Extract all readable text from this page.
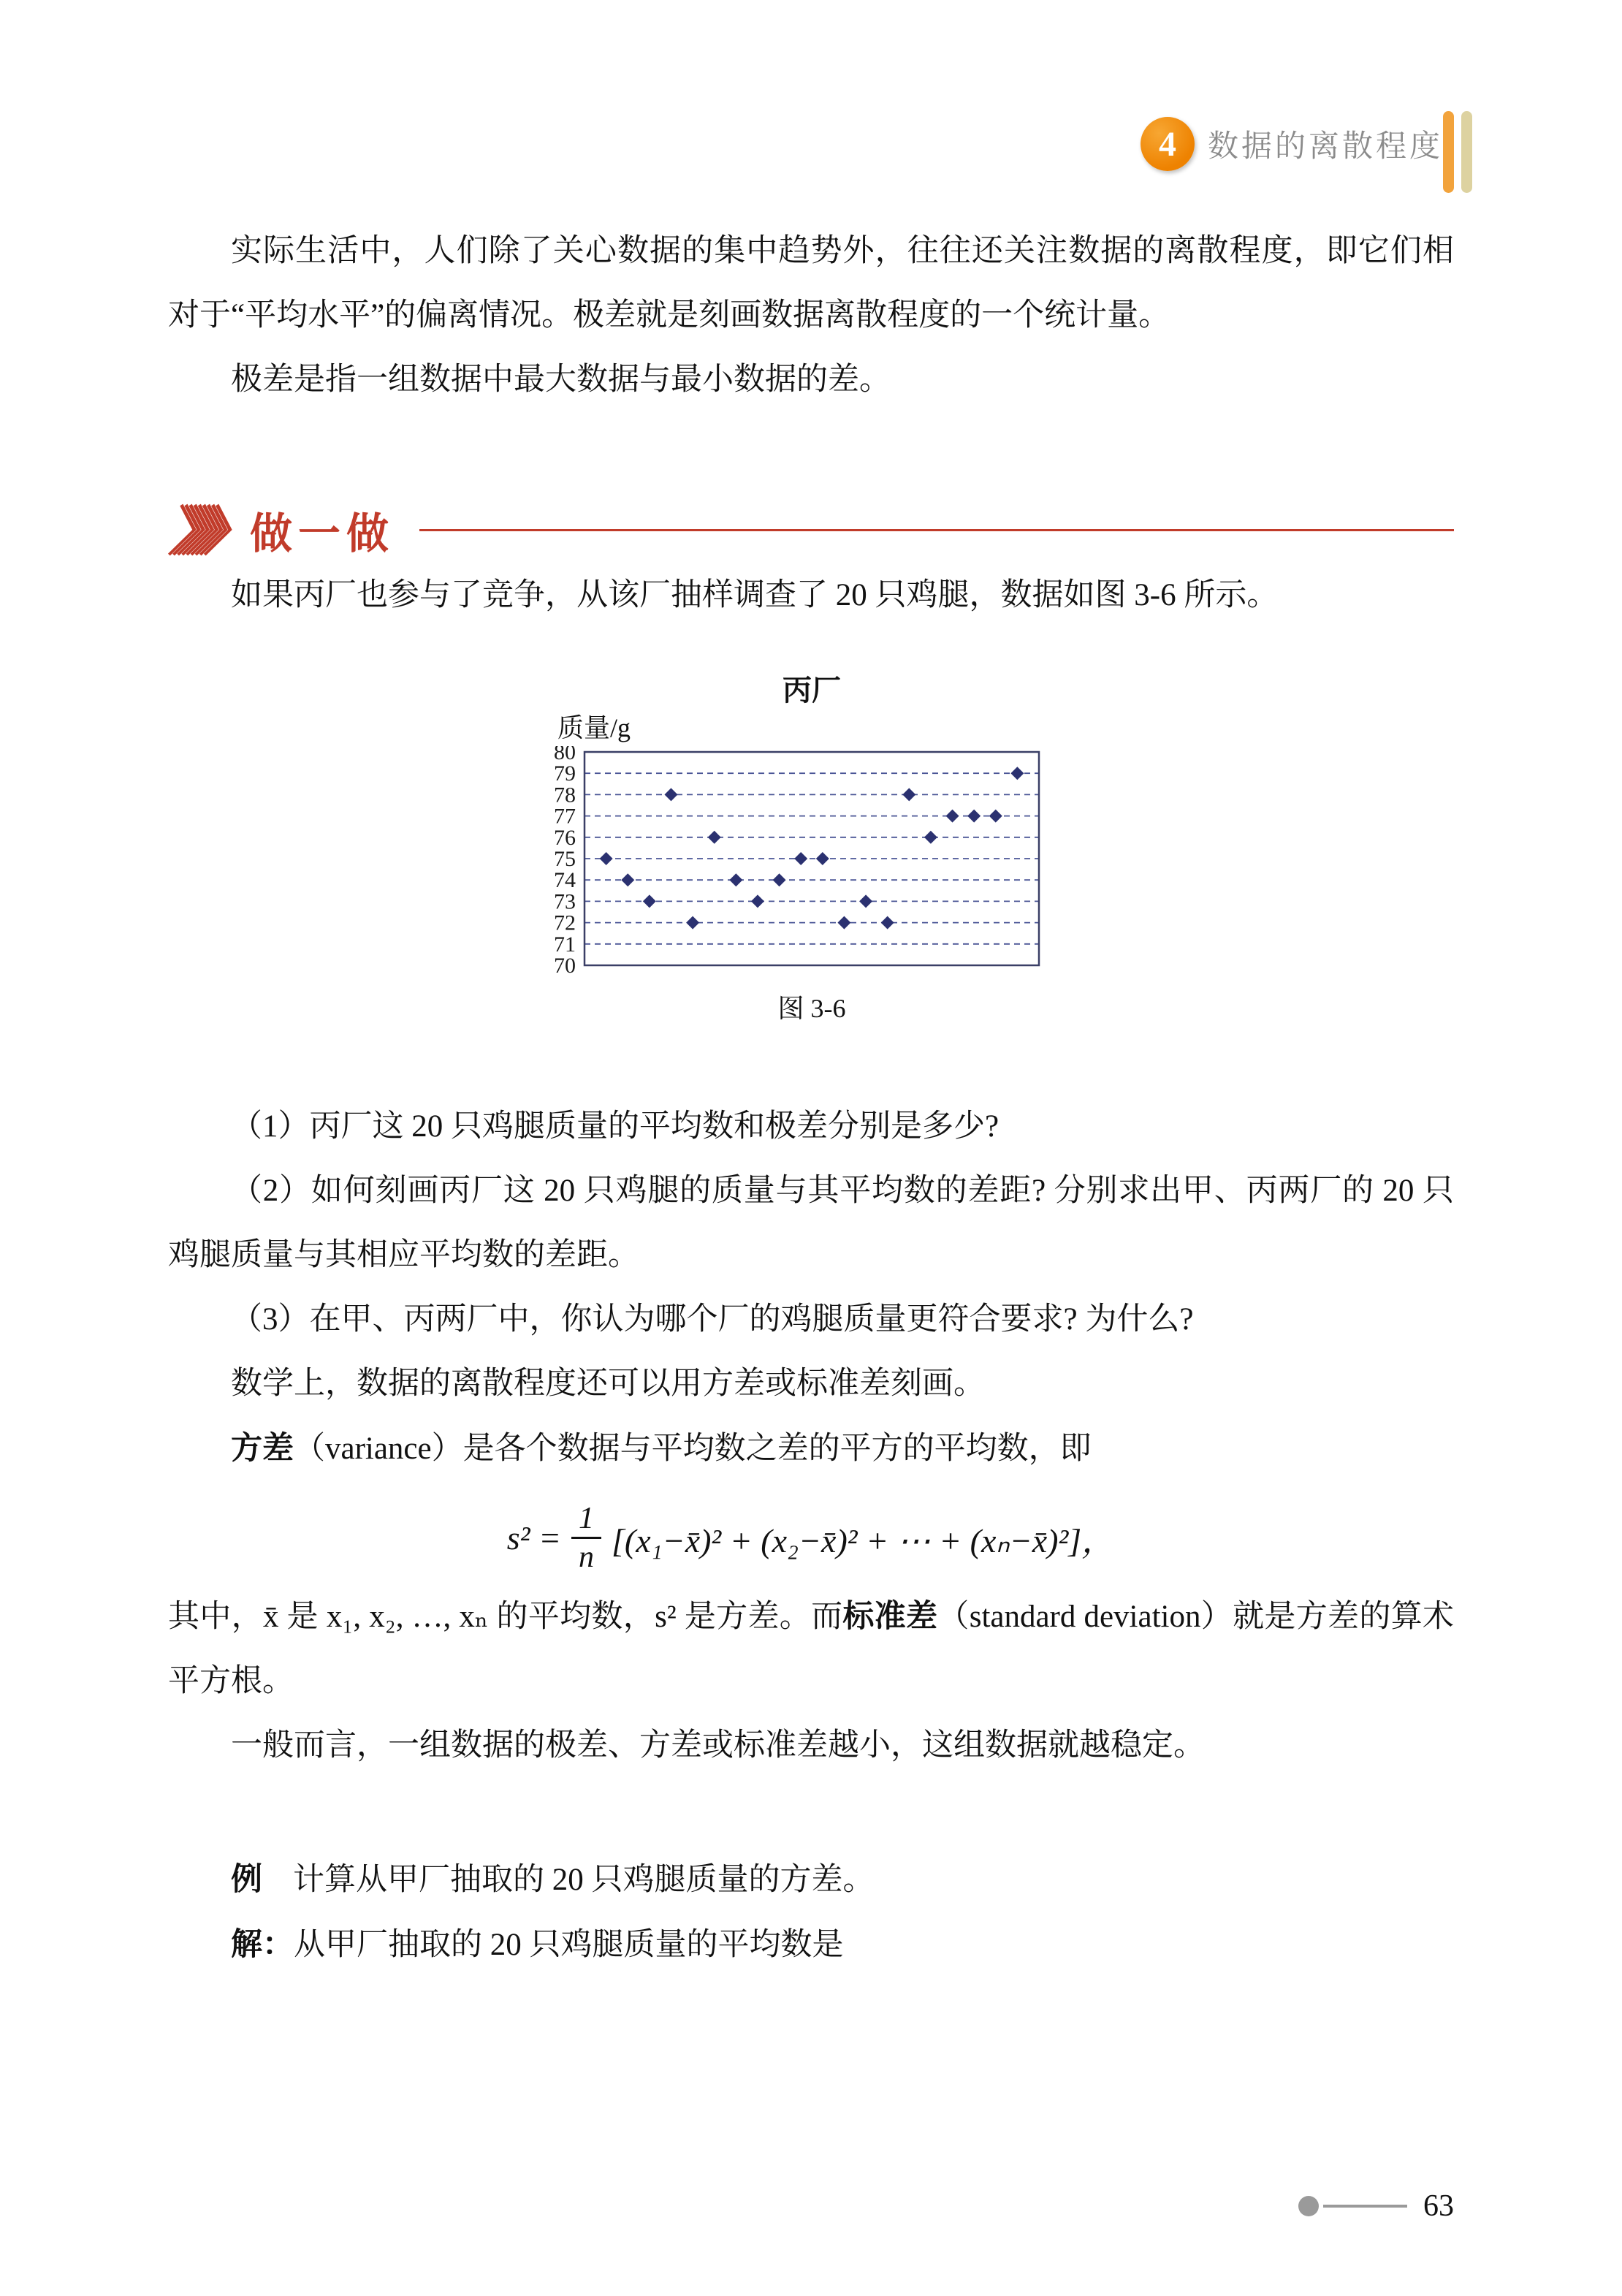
4 数据的离散程度

实际生活中，人们除了关心数据的集中趋势外，往往还关注数据的离散程度，即它们相对于“平均水平”的偏离情况。极差就是刻画数据离散程度的一个统计量。

极差是指一组数据中最大数据与最小数据的差。

做一做

如果丙厂也参与了竞争，从该厂抽样调查了 20 只鸡腿，数据如图 3-6 所示。

丙厂
质量/g
80
79
78
77
76
75
74
73
72
71
70
图 3-6

（1）丙厂这 20 只鸡腿质量的平均数和极差分别是多少?

（2）如何刻画丙厂这 20 只鸡腿的质量与其平均数的差距? 分别求出甲、丙两厂的 20 只鸡腿质量与其相应平均数的差距。

（3）在甲、丙两厂中，你认为哪个厂的鸡腿质量更符合要求? 为什么?

数学上，数据的离散程度还可以用方差或标准差刻画。

方差（variance）是各个数据与平均数之差的平方的平均数，即

$s^2 = \frac{1}{n}$ [(x₁−x̄)² + (x₂−x̄)² + ⋯ + (xₙ−x̄)²]，

其中，x̄ 是 x₁, x₂, …, xₙ 的平均数，s² 是方差。而标准差（standard deviation）就是方差的算术平方根。

一般而言，一组数据的极差、方差或标准差越小，这组数据就越稳定。

例 计算从甲厂抽取的 20 只鸡腿质量的方差。

解：从甲厂抽取的 20 只鸡腿质量的平均数是

63
